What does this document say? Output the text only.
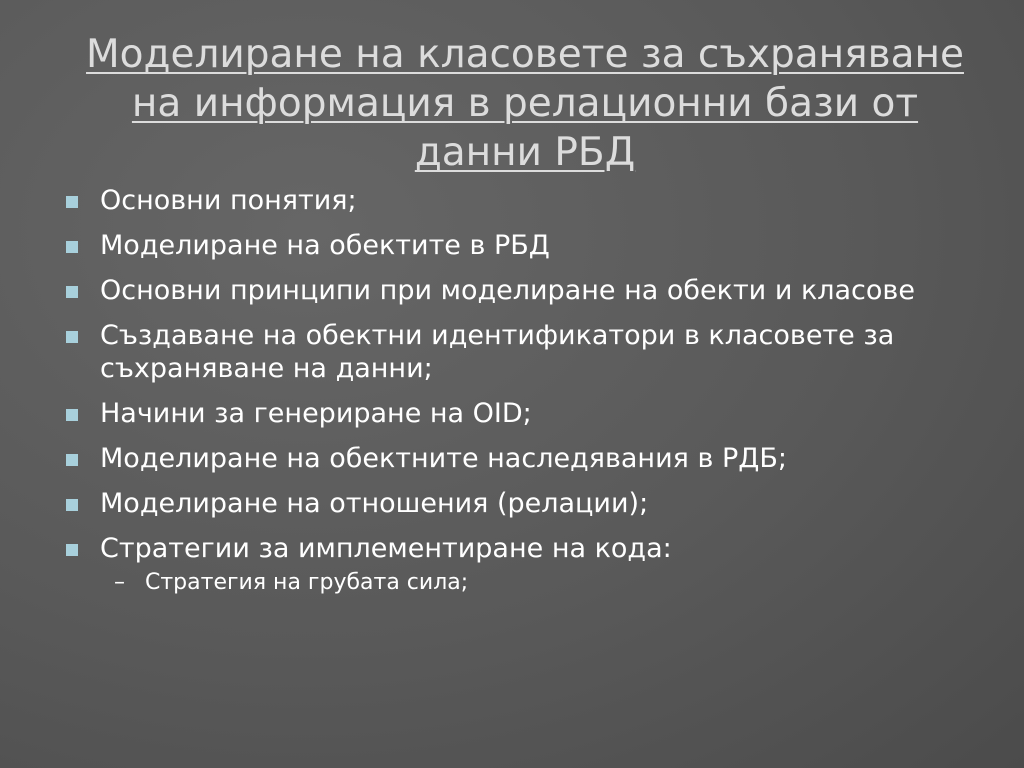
Моделиране на класовете за съхраняване
на информация в релационни бази от
данни РБД
Основни понятия;
Моделиране на обектите в РБД
Основни принципи при моделиране на обекти и класове
Създаване на обектни идентификатори в класовете за съхраняване на данни;
Начини за генериране на OID;
Моделиране на обектните наследявания в РДБ;
Моделиране на отношения (релации);
Стратегии за имплементиране на кода:
– Стратегия на грубата сила;
